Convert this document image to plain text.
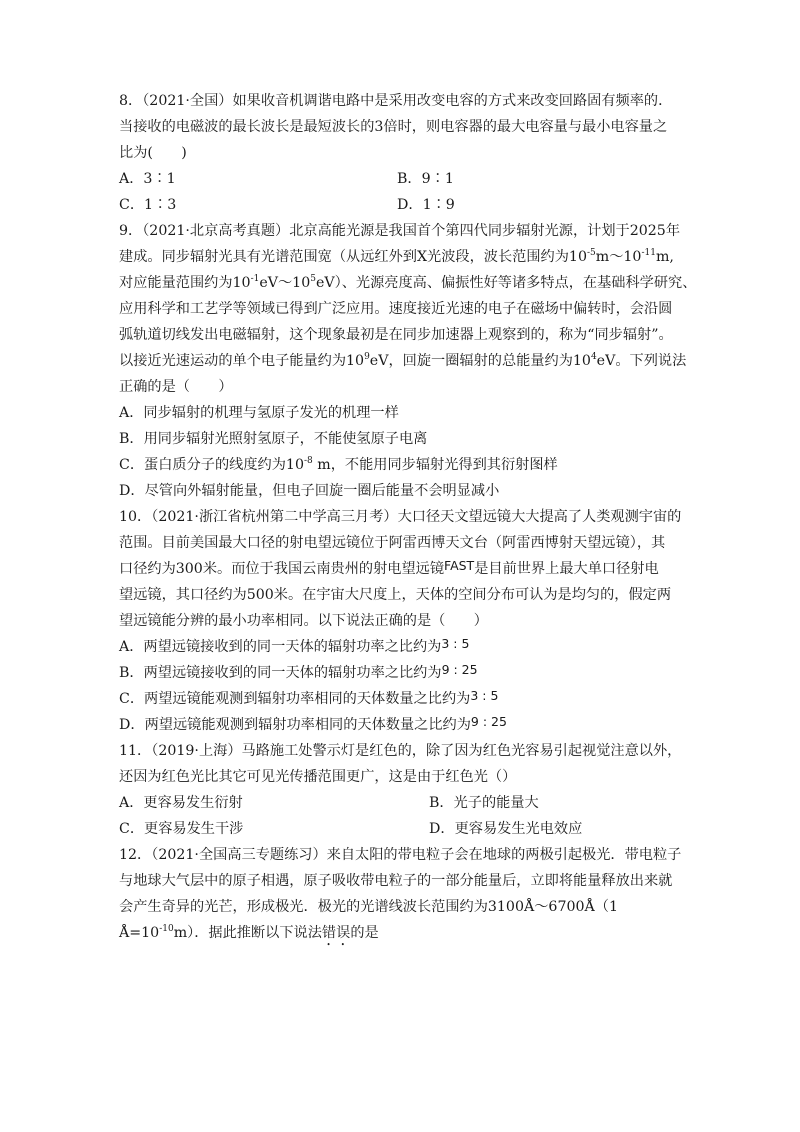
8．（2021·全国）如果收音机调谐电路中是采用改变电容的方式来改变回路固有频率的．
当接收的电磁波的最长波长是最短波长的3倍时，则电容器的最大电容量与最小电容量之
比为(　　)
A．3∶1	B．9∶1
C．1∶3	D．1∶9
9．（2021·北京高考真题）北京高能光源是我国首个第四代同步辐射光源，计划于2025年
建成。同步辐射光具有光谱范围宽（从远红外到X光波段，波长范围约为$10^{-5}m\sim 10^{-11}m$,
对应能量范围约为$10^{-1}eV\sim 10^5eV$）、光源亮度高、偏振性好等诸多特点，在基础科学研究、
应用科学和工艺学等领域已得到广泛应用。速度接近光速的电子在磁场中偏转时，会沿圆
弧轨道切线发出电磁辐射，这个现象最初是在同步加速器上观察到的，称为“同步辐射”。
以接近光速运动的单个电子能量约为$10^9eV$，回旋一圈辐射的总能量约为$10^4eV$。下列说法
正确的是（　　）
A．同步辐射的机理与氢原子发光的机理一样
B．用同步辐射光照射氢原子，不能使氢原子电离
C．蛋白质分子的线度约为$10^{-8}$ m，不能用同步辐射光得到其衍射图样
D．尽管向外辐射能量，但电子回旋一圈后能量不会明显减小
10．（2021·浙江省杭州第二中学高三月考）大口径天文望远镜大大提高了人类观测宇宙的
范围。目前美国最大口径的射电望远镜位于阿雷西博天文台（阿雷西博射天望远镜），其
口径约为300米。而位于我国云南贵州的射电望远镜FAST是目前世界上最大单口径射电
望远镜，其口径约为500米。在宇宙大尺度上，天体的空间分布可认为是均匀的，假定两
望远镜能分辨的最小功率相同。以下说法正确的是（　　）
A．两望远镜接收到的同一天体的辐射功率之比约为3 : 5
B．两望远镜接收到的同一天体的辐射功率之比约为9 : 25
C．两望远镜能观测到辐射功率相同的天体数量之比约为3 : 5
D．两望远镜能观测到辐射功率相同的天体数量之比约为9 : 25
11．（2019·上海）马路施工处警示灯是红色的，除了因为红色光容易引起视觉注意以外，
还因为红色光比其它可见光传播范围更广，这是由于红色光（）
A．更容易发生衍射	B．光子的能量大
C．更容易发生干涉	D．更容易发生光电效应
12．（2021·全国高三专题练习）来自太阳的带电粒子会在地球的两极引起极光．带电粒子
与地球大气层中的原子相遇，原子吸收带电粒子的一部分能量后，立即将能量释放出来就
会产生奇异的光芒，形成极光．极光的光谱线波长范围约为3100Å～6700Å（1
$Å=10^{-10}m$）．据此推断以下说法错误的是
